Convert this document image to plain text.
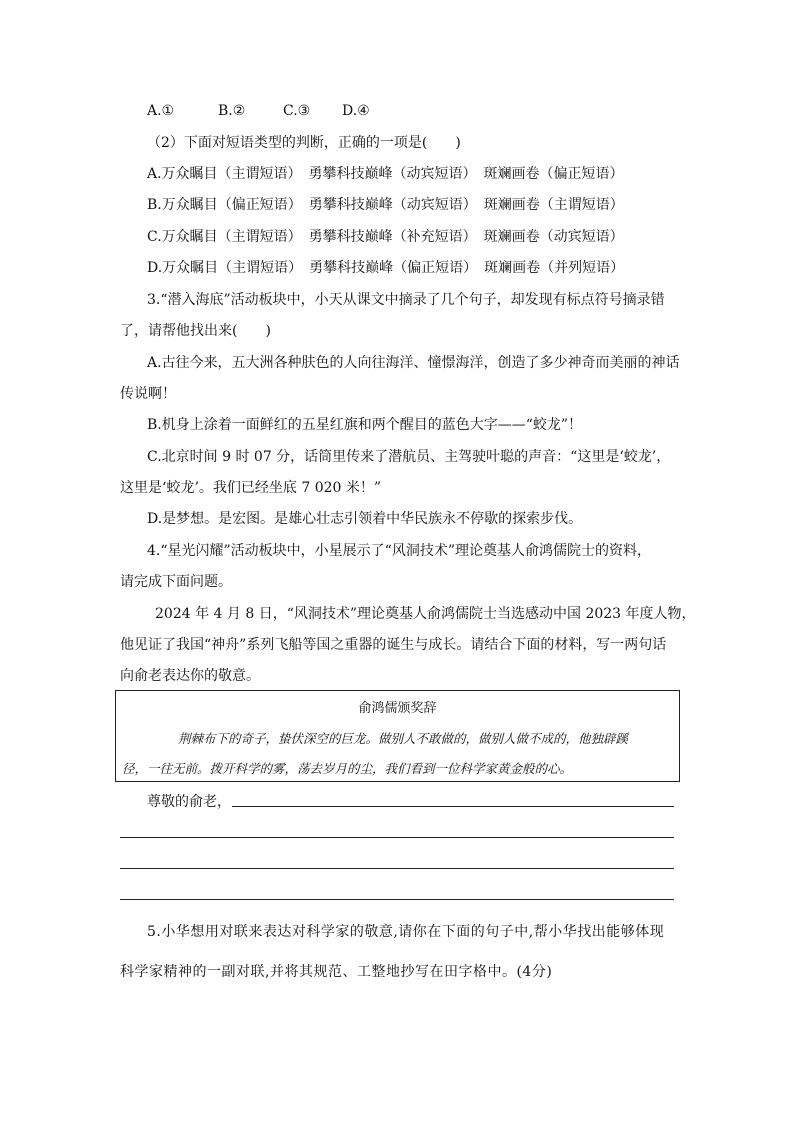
A.①	B.②	C.③ D.④
（2）下面对短语类型的判断，正确的一项是(　　)
A.万众瞩目（主谓短语）　勇攀科技巅峰（动宾短语）　斑斓画卷（偏正短语）
B.万众瞩目（偏正短语）　勇攀科技巅峰（动宾短语）　斑斓画卷（主谓短语）
C.万众瞩目（主谓短语）　勇攀科技巅峰（补充短语）　斑斓画卷（动宾短语）
D.万众瞩目（主谓短语）　勇攀科技巅峰（偏正短语）　斑斓画卷（并列短语）
3.“潜入海底”活动板块中，小天从课文中摘录了几个句子，却发现有标点符号摘录错
了，请帮他找出来(　　)
A.古往今来，五大洲各种肤色的人向往海洋、憧憬海洋，创造了多少神奇而美丽的神话
传说啊！
B.机身上涂着一面鲜红的五星红旗和两个醒目的蓝色大字——“蛟龙”！
C.北京时间 9 时 07 分，话筒里传来了潜航员、主驾驶叶聪的声音：“这里是‘蛟龙’，
这里是‘蛟龙’。我们已经坐底 7 020 米！”
D.是梦想。是宏图。是雄心壮志引领着中华民族永不停歇的探索步伐。
4.“星光闪耀”活动板块中，小星展示了“风洞技术”理论奠基人俞鸿儒院士的资料，
请完成下面问题。
2024 年 4 月 8 日，“风洞技术”理论奠基人俞鸿儒院士当选感动中国 2023 年度人物，
他见证了我国“神舟”系列飞船等国之重器的诞生与成长。请结合下面的材料，写一两句话
向俞老表达你的敬意。
俞鸿儒颁奖辞
荆棘布下的奇子，蛰伏深空的巨龙。做别人不敢做的，做别人做不成的，他独辟蹊
径，一往无前。拨开科学的雾，荡去岁月的尘，我们看到一位科学家黄金般的心。
尊敬的俞老，
5.小华想用对联来表达对科学家的敬意,请你在下面的句子中,帮小华找出能够体现
科学家精神的一副对联,并将其规范、工整地抄写在田字格中。(4分)
